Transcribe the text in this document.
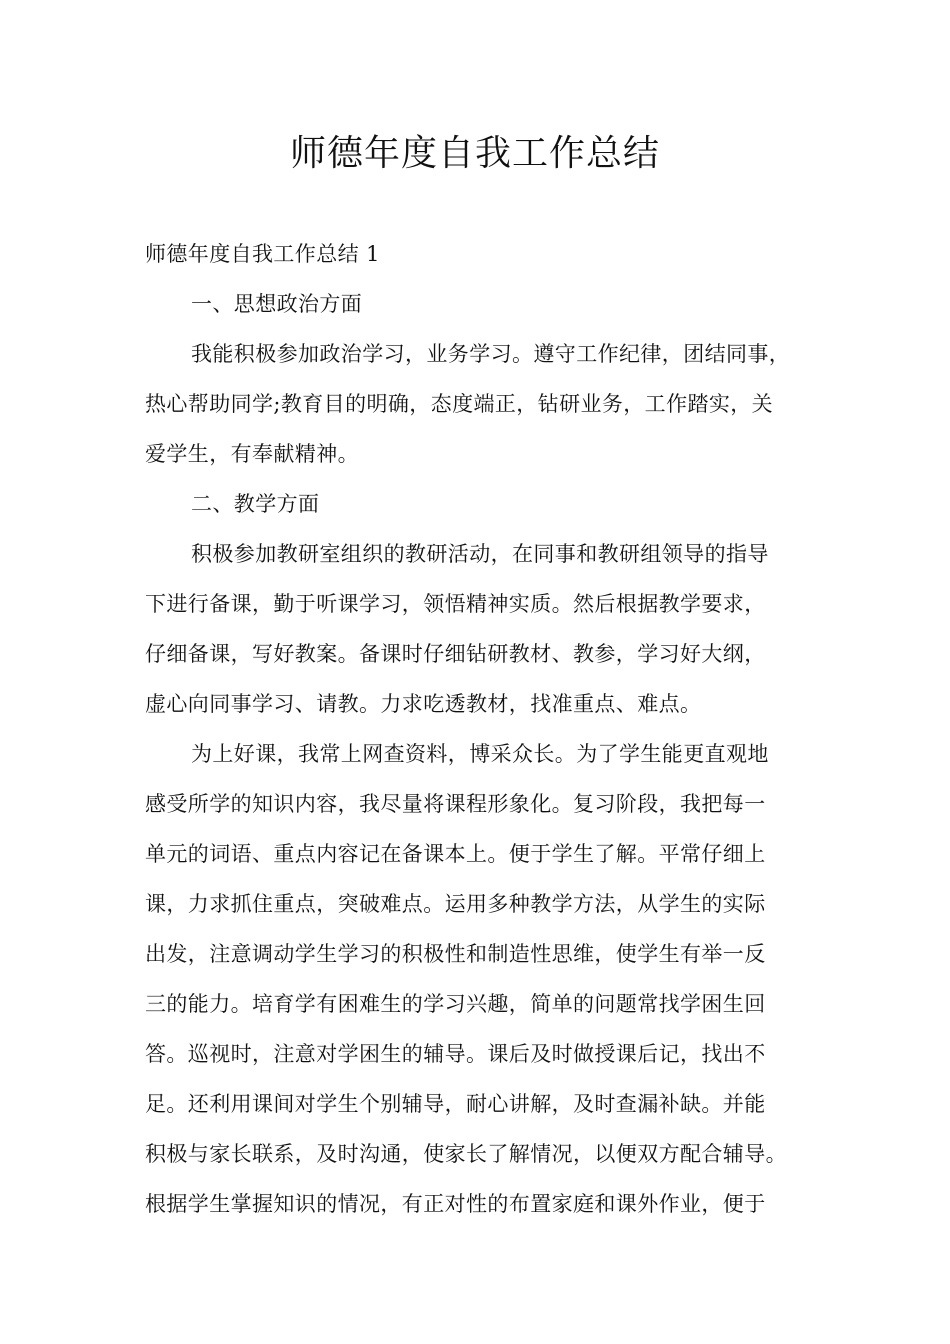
师德年度自我工作总结
师德年度自我工作总结 1
一、思想政治方面
我能积极参加政治学习，业务学习。遵守工作纪律，团结同事，
热心帮助同学;教育目的明确，态度端正，钻研业务，工作踏实，关
爱学生，有奉献精神。
二、教学方面
积极参加教研室组织的教研活动，在同事和教研组领导的指导
下进行备课，勤于听课学习，领悟精神实质。然后根据教学要求，
仔细备课，写好教案。备课时仔细钻研教材、教参，学习好大纲，
虚心向同事学习、请教。力求吃透教材，找准重点、难点。
为上好课，我常上网查资料，博采众长。为了学生能更直观地
感受所学的知识内容，我尽量将课程形象化。复习阶段，我把每一
单元的词语、重点内容记在备课本上。便于学生了解。平常仔细上
课，力求抓住重点，突破难点。运用多种教学方法，从学生的实际
出发，注意调动学生学习的积极性和制造性思维，使学生有举一反
三的能力。培育学有困难生的学习兴趣，简单的问题常找学困生回
答。巡视时，注意对学困生的辅导。课后及时做授课后记，找出不
足。还利用课间对学生个别辅导，耐心讲解，及时查漏补缺。并能
积极与家长联系，及时沟通，使家长了解情况，以便双方配合辅导。
根据学生掌握知识的情况，有正对性的布置家庭和课外作业，便于
